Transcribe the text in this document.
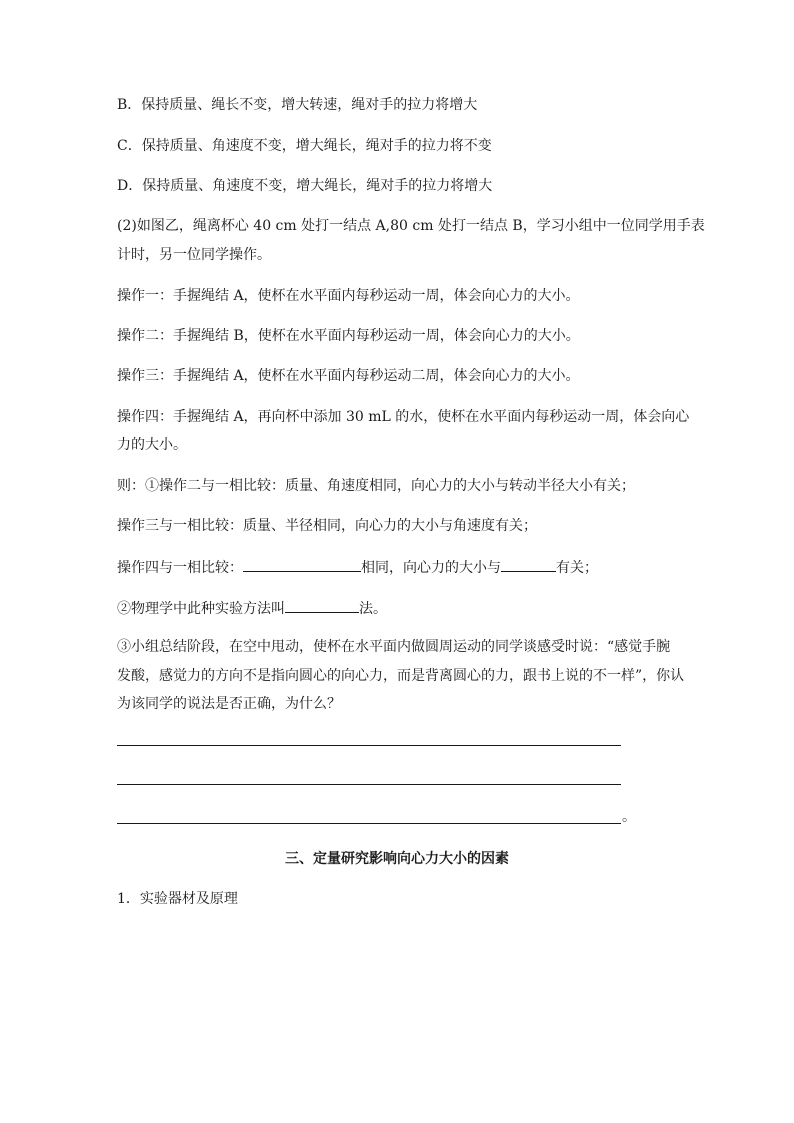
B．保持质量、绳长不变，增大转速，绳对手的拉力将增大
C．保持质量、角速度不变，增大绳长，绳对手的拉力将不变
D．保持质量、角速度不变，增大绳长，绳对手的拉力将增大
(2)如图乙，绳离杯心 40 cm 处打一结点 A,80 cm 处打一结点 B，学习小组中一位同学用手表
计时，另一位同学操作。
操作一：手握绳结 A，使杯在水平面内每秒运动一周，体会向心力的大小。
操作二：手握绳结 B，使杯在水平面内每秒运动一周，体会向心力的大小。
操作三：手握绳结 A，使杯在水平面内每秒运动二周，体会向心力的大小。
操作四：手握绳结 A，再向杯中添加 30 mL 的水，使杯在水平面内每秒运动一周，体会向心
力的大小。
则：①操作二与一相比较：质量、角速度相同，向心力的大小与转动半径大小有关；
操作三与一相比较：质量、半径相同，向心力的大小与角速度有关；
操作四与一相比较：	相同，向心力的大小与	有关；
②物理学中此种实验方法叫	法。
③小组总结阶段，在空中甩动，使杯在水平面内做圆周运动的同学谈感受时说：“感觉手腕
发酸，感觉力的方向不是指向圆心的向心力，而是背离圆心的力，跟书上说的不一样”，你认
为该同学的说法是否正确，为什么？
。
三、定量研究影响向心力大小的因素
1．实验器材及原理
